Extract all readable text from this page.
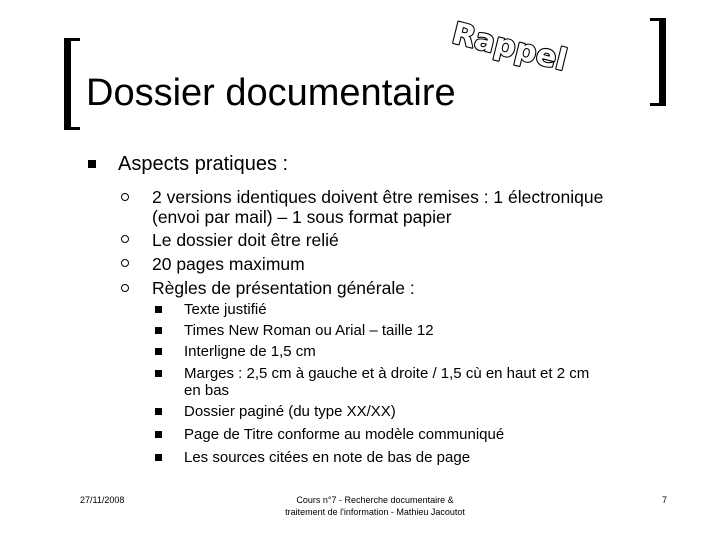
Rappel
Dossier documentaire
Aspects pratiques :
2 versions identiques doivent être remises : 1 électronique
(envoi par mail) – 1 sous format papier
Le dossier doit être relié
20 pages maximum
Règles de présentation générale :
Texte justifié
Times New Roman ou Arial – taille 12
Interligne de 1,5 cm
Marges : 2,5 cm à gauche et à droite / 1,5 cù en haut et 2 cm
en bas
Dossier paginé (du type XX/XX)
Page de Titre conforme au modèle communiqué
Les sources citées en note de bas de page
27/11/2008	Cours n°7 - Recherche documentaire &
traitement de l'information - Mathieu Jacoutot
7
